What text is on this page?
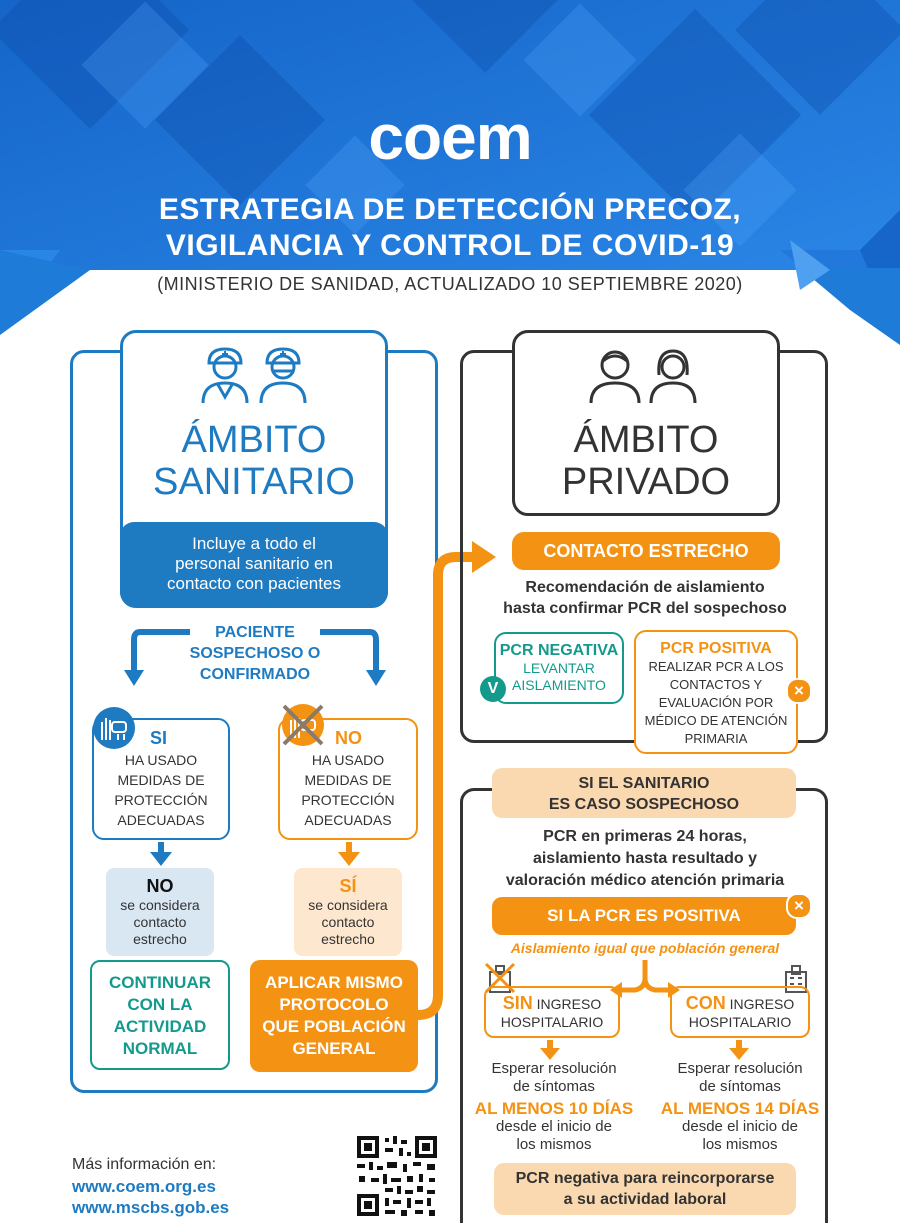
coem
ESTRATEGIA DE DETECCIÓN PRECOZ,
VIGILANCIA Y CONTROL DE COVID-19
(MINISTERIO DE SANIDAD, ACTUALIZADO 10 SEPTIEMBRE 2020)
ÁMBITO
SANITARIO
Incluye a todo el
personal sanitario en
contacto con pacientes
PACIENTE
SOSPECHOSO O
CONFIRMADO
SI
HA USADO
MEDIDAS DE
PROTECCIÓN
ADECUADAS
NO
HA USADO
MEDIDAS DE
PROTECCIÓN
ADECUADAS
NO
se considera
contacto
estrecho
SÍ
se considera
contacto
estrecho
CONTINUAR
CON LA
ACTIVIDAD
NORMAL
APLICAR MISMO
PROTOCOLO
QUE POBLACIÓN
GENERAL
ÁMBITO
PRIVADO
CONTACTO ESTRECHO
Recomendación de aislamiento
hasta confirmar PCR del sospechoso
PCR NEGATIVA
LEVANTAR
AISLAMIENTO
V
PCR POSITIVA
REALIZAR PCR A LOS
CONTACTOS Y
EVALUACIÓN POR
MÉDICO DE ATENCIÓN
PRIMARIA
×
SI EL SANITARIO
ES CASO SOSPECHOSO
PCR en primeras 24 horas,
aislamiento hasta resultado y
valoración médico atención primaria
SI LA PCR ES POSITIVA
×
Aislamiento igual que población general
SIN INGRESO
HOSPITALARIO
CON INGRESO
HOSPITALARIO
Esperar resolución
de síntomas
AL MENOS 10 DÍAS
desde el inicio de
los mismos
Esperar resolución
de síntomas
AL MENOS 14 DÍAS
desde el inicio de
los mismos
PCR negativa para reincorporarse
a su actividad laboral
Más información en:
www.coem.org.es
www.mscbs.gob.es
